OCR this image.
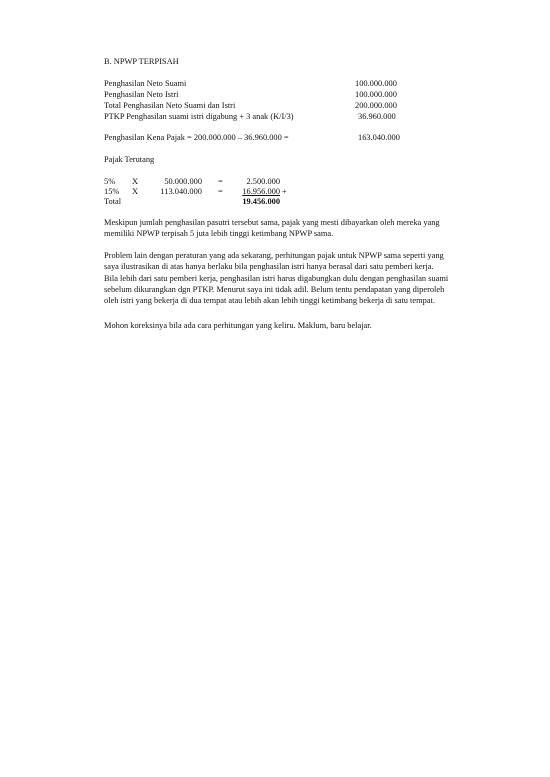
B. NPWP TERPISAH
Penghasilan Neto Suami	100.000.000
Penghasilan Neto Istri	100.000.000
Total Penghasilan Neto Suami dan Istri	200.000.000
PTKP Penghasilan suami istri digabung + 3 anak (K/I/3)	36.960.000
Penghasilan Kena Pajak = 200.000.000 – 36.960.000 =	163.040.000
Pajak Terutang
5% X	50.000.000 =	2.500.000
15% X	113.040.000 =	16.956.000 +
Total	19.456.000
Meskipun jumlah penghasilan pasutri tersebut sama, pajak yang mesti dibayarkan oleh mereka yang memiliki NPWP terpisah 5 juta lebih tinggi ketimbang NPWP sama.
Problem lain dengan peraturan yang ada sekarang, perhitungan pajak untuk NPWP sama seperti yang saya ilustrasikan di atas hanya berlaku bila penghasilan istri hanya berasal dari satu pemberi kerja. Bila lebih dari satu pemberi kerja, penghasilan istri harus digabungkan dulu dengan penghasilan suami sebelum dikurangkan dgn PTKP. Menurut saya ini tidak adil. Belum tentu pendapatan yang diperoleh oleh istri yang bekerja di dua tempat atau lebih akan lebih tinggi ketimbang bekerja di satu tempat.
Mohon koreksinya bila ada cara perhitungan yang keliru. Maklum, baru belajar.
